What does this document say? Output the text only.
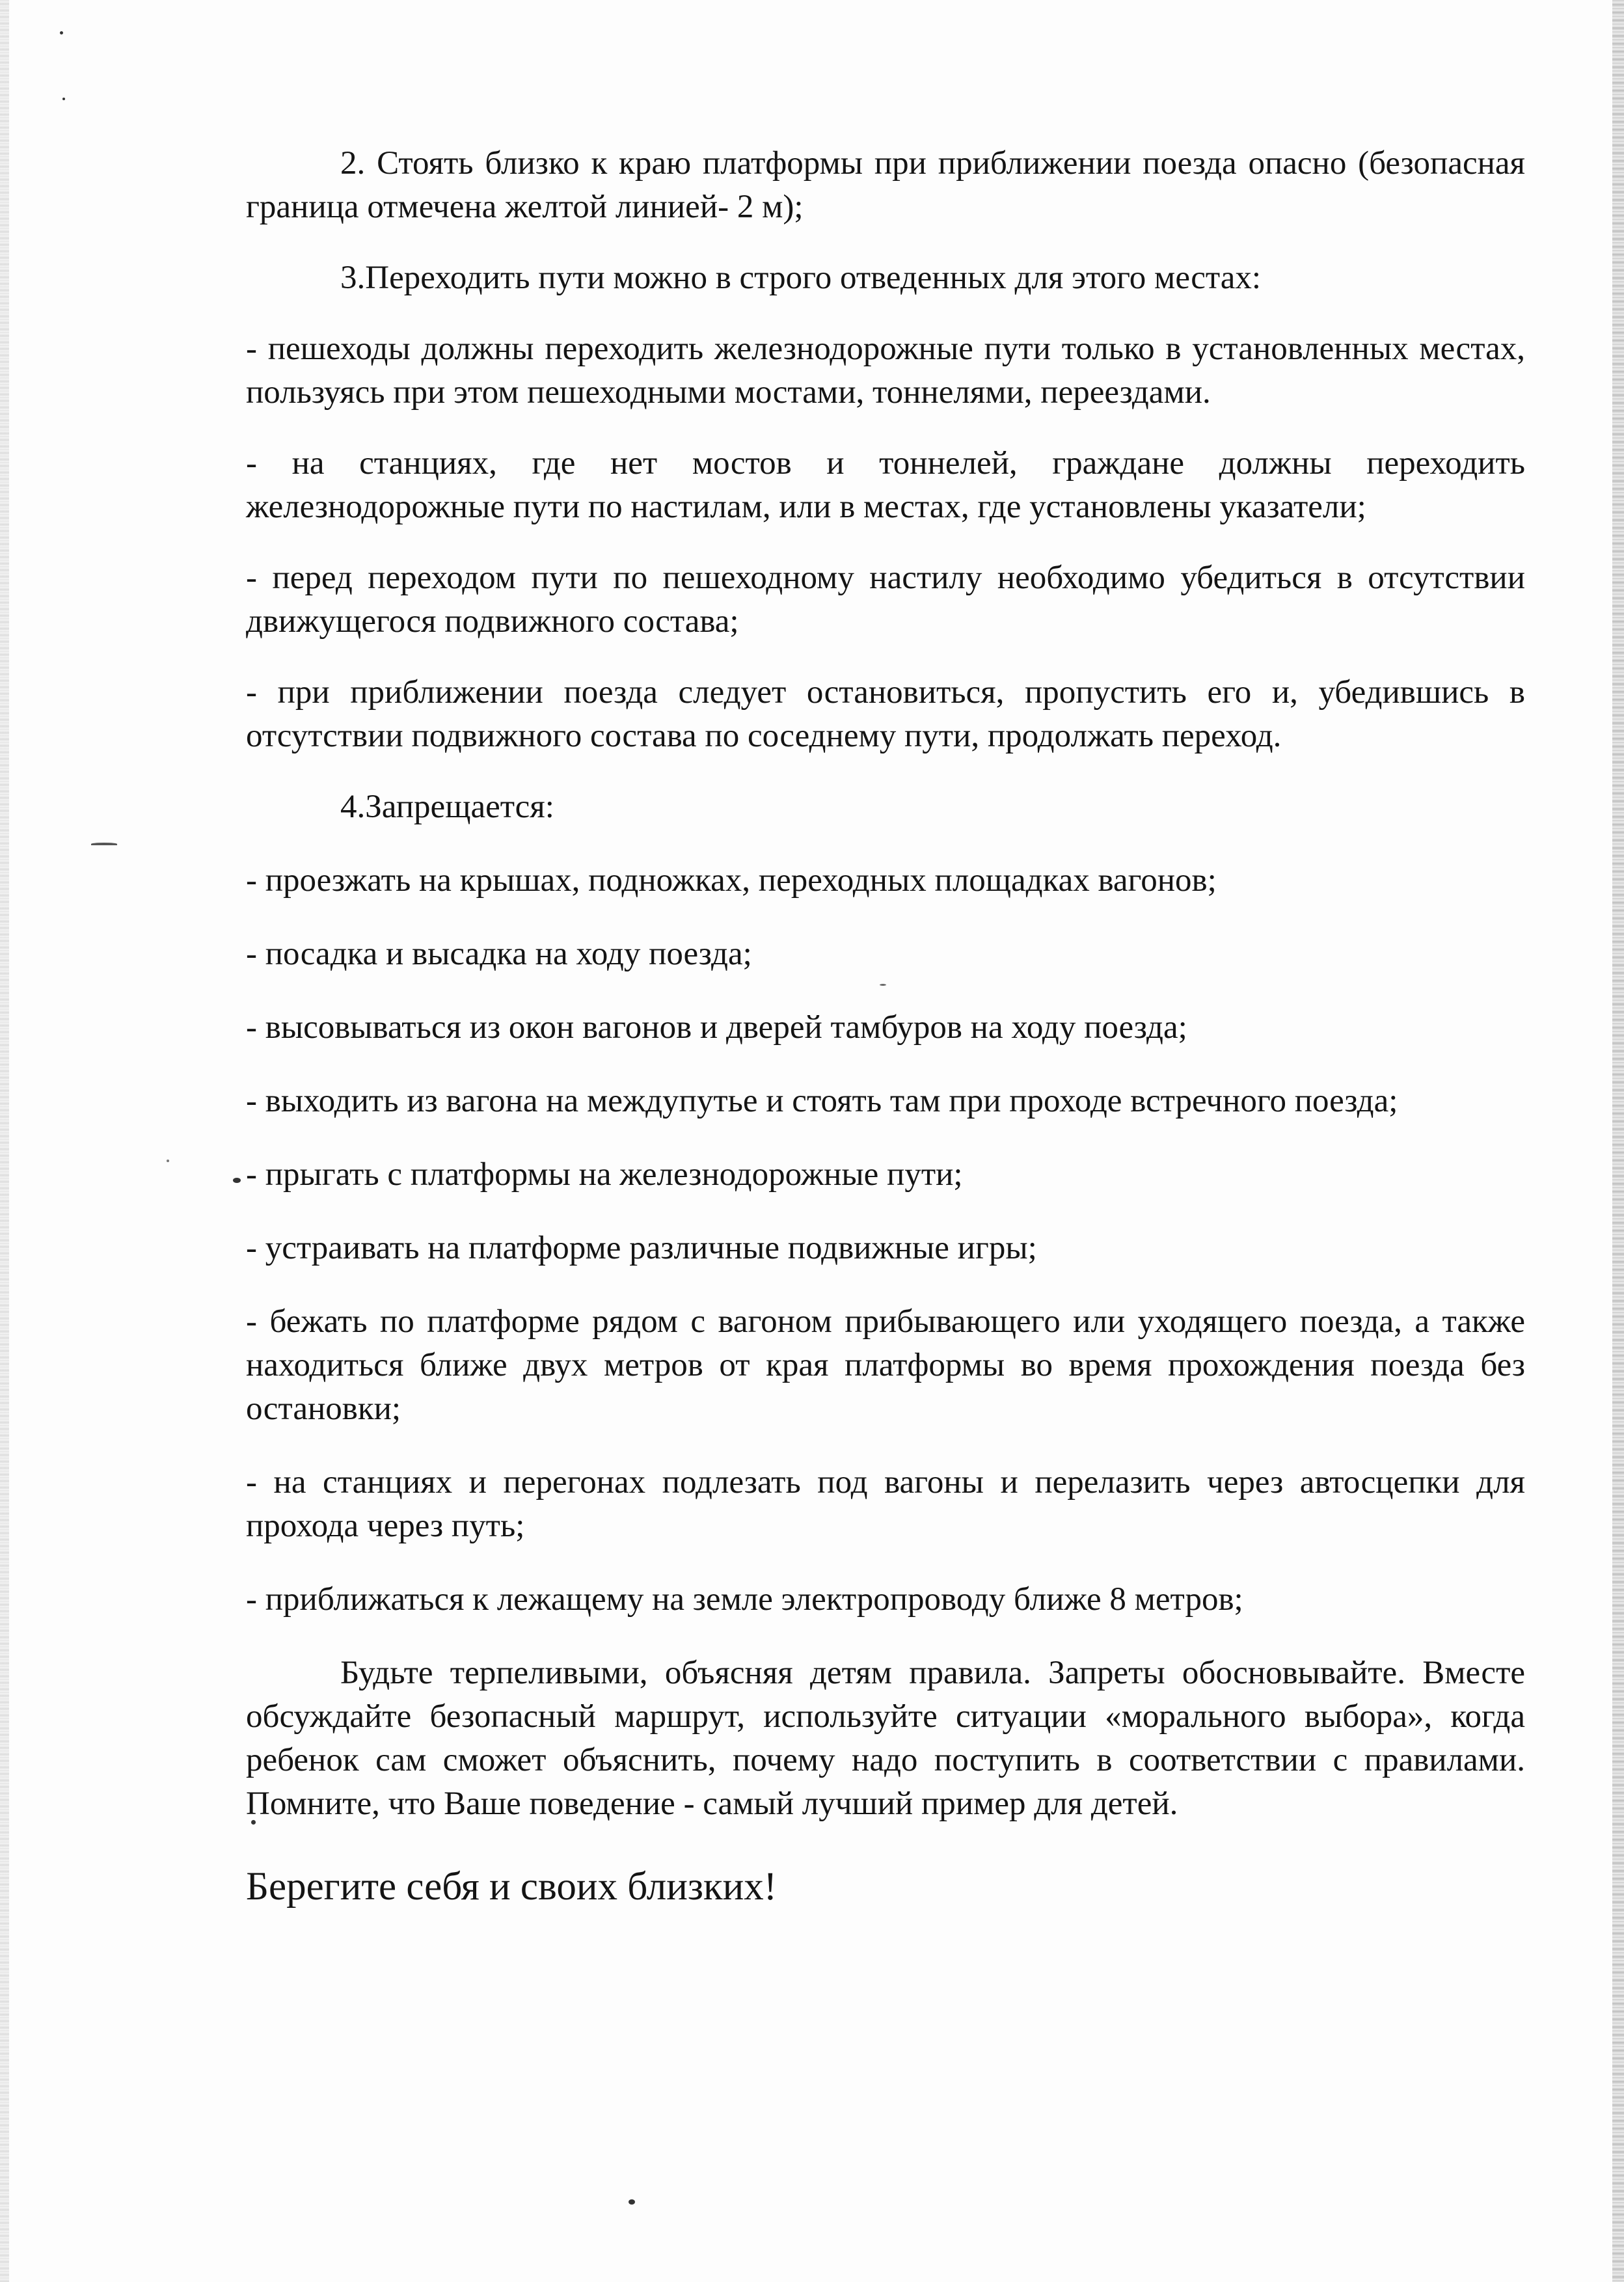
2. Стоять близко к краю платформы при приближении поезда опасно (безопасная граница отмечена желтой линией- 2 м);

3.Переходить пути можно в строго отведенных для этого местах:

- пешеходы должны переходить железнодорожные пути только в установленных местах, пользуясь при этом пешеходными мостами, тоннелями, переездами.

- на станциях, где нет мостов и тоннелей, граждане должны переходить железнодорожные пути по настилам, или в местах, где установлены указатели;

- перед переходом пути по пешеходному настилу необходимо убедиться в отсутствии движущегося подвижного состава;

- при приближении поезда следует остановиться, пропустить его и, убедившись в отсутствии подвижного состава по соседнему пути, продолжать переход.

4.Запрещается:

- проезжать на крышах, подножках, переходных площадках вагонов;

- посадка и высадка на ходу поезда;

- высовываться из окон вагонов и дверей тамбуров на ходу поезда;

- выходить из вагона на междупутье и стоять там при проходе встречного поезда;

- прыгать с платформы на железнодорожные пути;

- устраивать на платформе различные подвижные игры;

- бежать по платформе рядом с вагоном прибывающего или уходящего поезда, а также находиться ближе двух метров от края платформы во время прохождения поезда без остановки;

- на станциях и перегонах подлезать под вагоны и перелазить через автосцепки для прохода через путь;

- приближаться к лежащему на земле электропроводу ближе 8 метров;

Будьте терпеливыми, объясняя детям правила. Запреты обосновывайте. Вместе обсуждайте безопасный маршрут, используйте ситуации «морального выбора», когда ребенок сам сможет объяснить, почему надо поступить в соответствии с правилами. Помните, что Ваше поведение - самый лучший пример для детей.

Берегите себя и своих близких!
